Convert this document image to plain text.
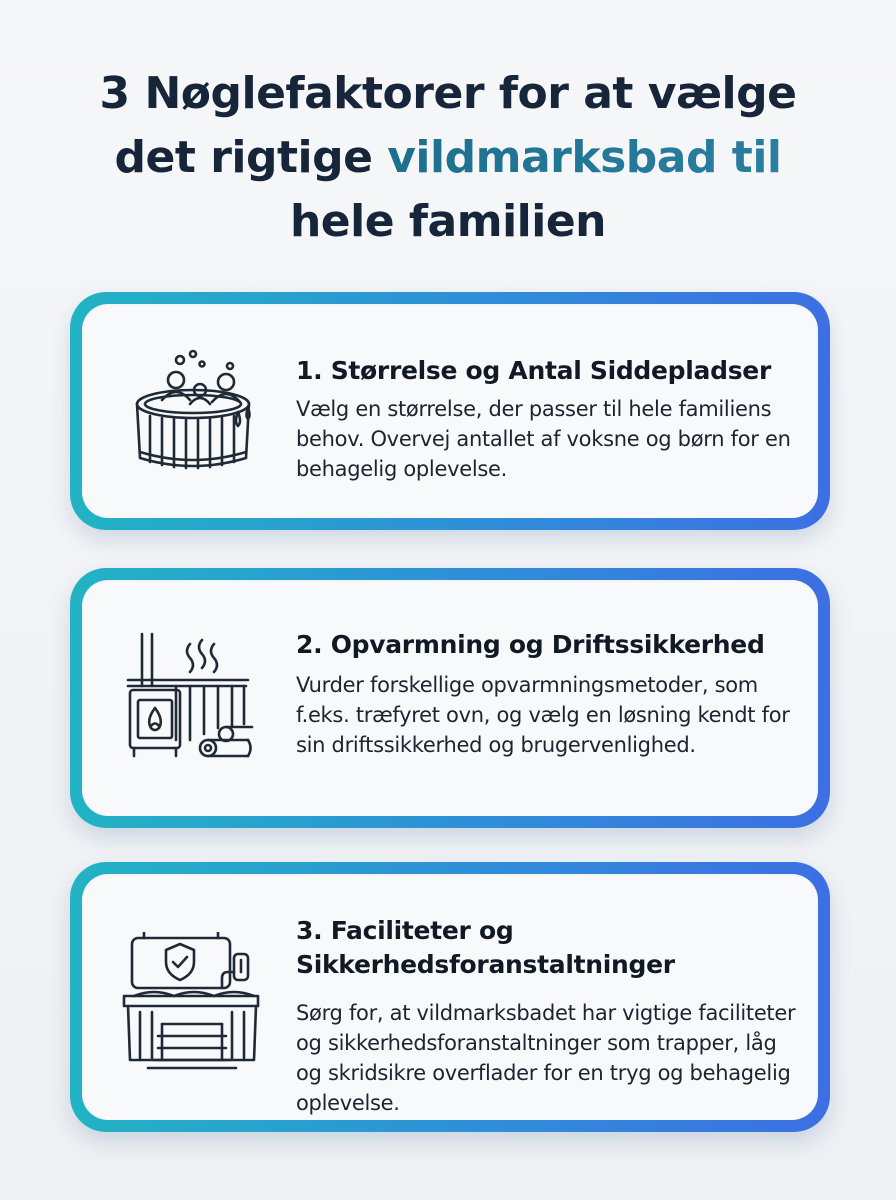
3 Nøglefaktorer for at vælge
det rigtige vildmarksbad til
hele familien
1. Størrelse og Antal Siddepladser

Vælg en størrelse, der passer til hele familiens behov. Overvej antallet af voksne og børn for en behagelig oplevelse.

2. Opvarmning og Driftssikkerhed

Vurder forskellige opvarmningsmetoder, som f.eks. træfyret ovn, og vælg en løsning kendt for sin driftssikkerhed og brugervenlighed.

3. Faciliteter og Sikkerhedsforanstaltninger

Sørg for, at vildmarksbadet har vigtige faciliteter og sikkerhedsforanstaltninger som trapper, låg og skridsikre overflader for en tryg og behagelig oplevelse.
